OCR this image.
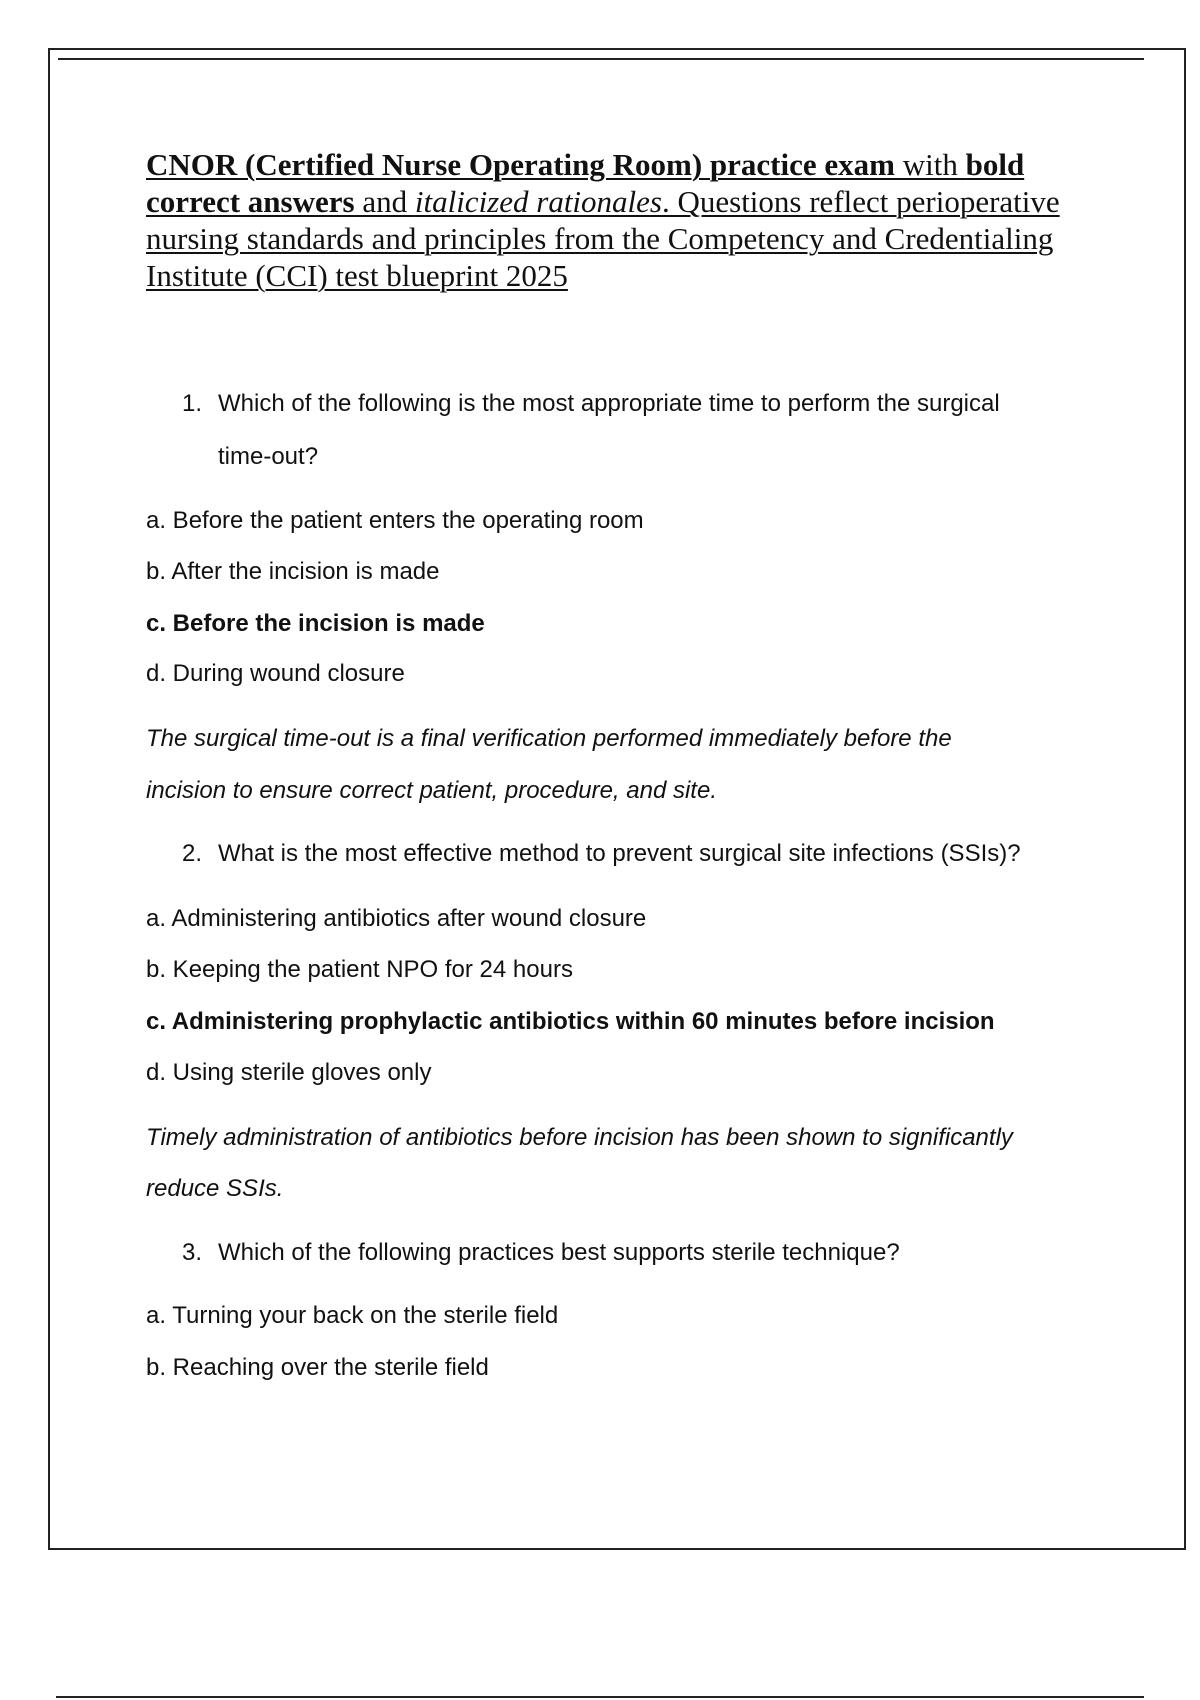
CNOR (Certified Nurse Operating Room) practice exam with bold correct answers and italicized rationales. Questions reflect perioperative nursing standards and principles from the Competency and Credentialing Institute (CCI) test blueprint 2025

1. Which of the following is the most appropriate time to perform the surgical
time-out?
a. Before the patient enters the operating room
b. After the incision is made
c. Before the incision is made
d. During wound closure
The surgical time-out is a final verification performed immediately before the
incision to ensure correct patient, procedure, and site.
2. What is the most effective method to prevent surgical site infections (SSIs)?
a. Administering antibiotics after wound closure
b. Keeping the patient NPO for 24 hours
c. Administering prophylactic antibiotics within 60 minutes before incision
d. Using sterile gloves only
Timely administration of antibiotics before incision has been shown to significantly
reduce SSIs.
3. Which of the following practices best supports sterile technique?
a. Turning your back on the sterile field
b. Reaching over the sterile field
